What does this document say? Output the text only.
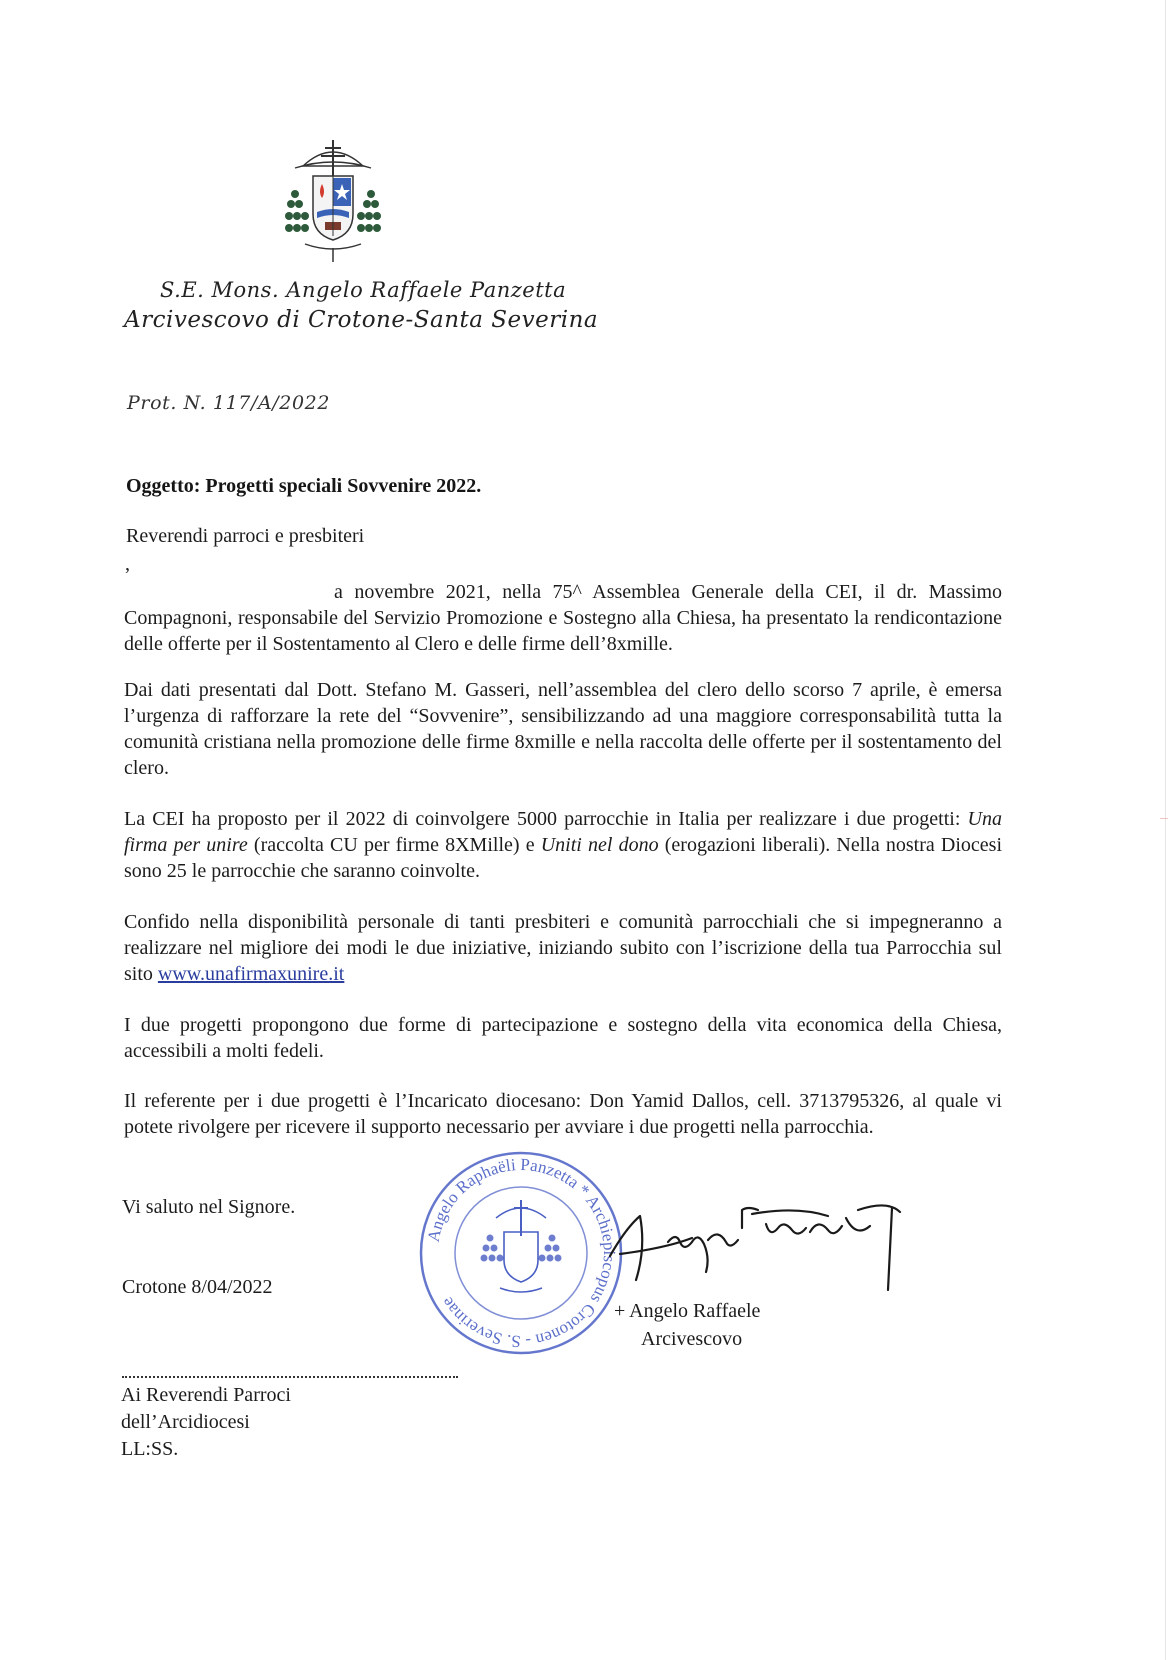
S.E. Mons. Angelo Raffaele Panzetta
Arcivescovo di Crotone-Santa Severina
Prot. N. 117/A/2022
Oggetto: Progetti speciali Sovvenire 2022.
Reverendi parroci e presbiteri
,
a novembre 2021, nella 75^ Assemblea Generale della CEI, il dr. Massimo Compagnoni, responsabile del Servizio Promozione e Sostegno alla Chiesa, ha presentato la rendicontazione delle offerte per il Sostentamento al Clero e delle firme dell’8xmille.
Dai dati presentati dal Dott. Stefano M. Gasseri, nell’assemblea del clero dello scorso 7 aprile, è emersa l’urgenza di rafforzare la rete del “Sovvenire”, sensibilizzando ad una maggiore corresponsabilità tutta la comunità cristiana nella promozione delle firme 8xmille e nella raccolta delle offerte per il sostentamento del clero.
La CEI ha proposto per il 2022 di coinvolgere 5000 parrocchie in Italia per realizzare i due progetti: Una firma per unire (raccolta CU per firme 8XMille) e Uniti nel dono (erogazioni liberali). Nella nostra Diocesi sono 25 le parrocchie che saranno coinvolte.
Confido nella disponibilità personale di tanti presbiteri e comunità parrocchiali che si impegneranno a realizzare nel migliore dei modi le due iniziative, iniziando subito con l’iscrizione della tua Parrocchia sul sito www.unafirmaxunire.it
I due progetti propongono due forme di partecipazione e sostegno della vita economica della Chiesa, accessibili a molti fedeli.
Il referente per i due progetti è l’Incaricato diocesano: Don Yamid Dallos, cell. 3713795326, al quale vi potete rivolgere per ricevere il supporto necessario per avviare i due progetti nella parrocchia.
Vi saluto nel Signore.
Crotone 8/04/2022
Angelo Raphaëli Panzetta * Archiepiscopus Crotonen - S. Severinae	+ Angelo Raffaele
Arcivescovo
Ai Reverendi Parroci
dell’Arcidiocesi
LL:SS.
